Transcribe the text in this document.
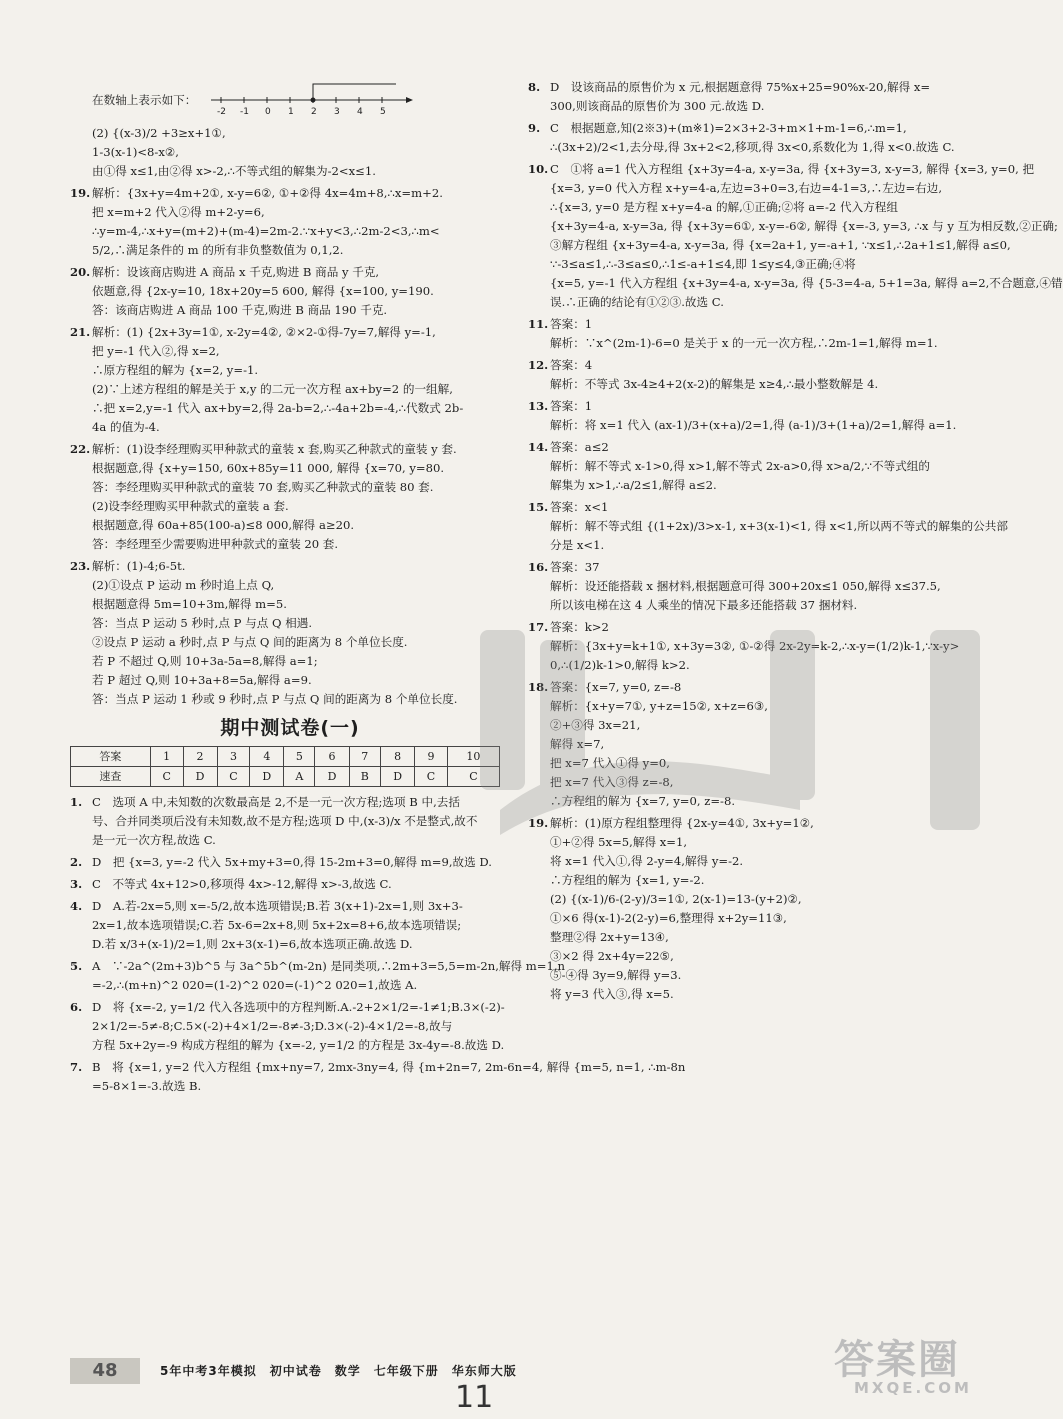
在数轴上表示如下：
-2 -1 0 1 2 3 4 5
(2) {(x-3)/2 +3≥x+1①,
1-3(x-1)<8-x②,
由①得 x≤1,由②得 x>-2,∴不等式组的解集为-2<x≤1.
19. 解析：{3x+y=4m+2①, x-y=6②, ①+②得 4x=4m+8,∴x=m+2.
把 x=m+2 代入②得 m+2-y=6,
∴y=m-4,∴x+y=(m+2)+(m-4)=2m-2.∵x+y<3,∴2m-2<3,∴m<
5/2,∴满足条件的 m 的所有非负整数值为 0,1,2.
20. 解析：设该商店购进 A 商品 x 千克,购进 B 商品 y 千克,
依题意,得 {2x-y=10, 18x+20y=5 600, 解得 {x=100, y=190.
答：该商店购进 A 商品 100 千克,购进 B 商品 190 千克.
21. 解析：(1) {2x+3y=1①, x-2y=4②, ②×2-①得-7y=7,解得 y=-1,
把 y=-1 代入②,得 x=2,
∴原方程组的解为 {x=2, y=-1.
(2)∵上述方程组的解是关于 x,y 的二元一次方程 ax+by=2 的一组解,
∴把 x=2,y=-1 代入 ax+by=2,得 2a-b=2,∴-4a+2b=-4,∴代数式 2b-
4a 的值为-4.
22. 解析：(1)设李经理购买甲种款式的童装 x 套,购买乙种款式的童装 y 套.
根据题意,得 {x+y=150, 60x+85y=11 000, 解得 {x=70, y=80.
答：李经理购买甲种款式的童装 70 套,购买乙种款式的童装 80 套.
(2)设李经理购买甲种款式的童装 a 套.
根据题意,得 60a+85(100-a)≤8 000,解得 a≥20.
答：李经理至少需要购进甲种款式的童装 20 套.
23. 解析：(1)-4;6-5t.
(2)①设点 P 运动 m 秒时追上点 Q,
根据题意得 5m=10+3m,解得 m=5.
答：当点 P 运动 5 秒时,点 P 与点 Q 相遇.
②设点 P 运动 a 秒时,点 P 与点 Q 间的距离为 8 个单位长度.
若 P 不超过 Q,则 10+3a-5a=8,解得 a=1;
若 P 超过 Q,则 10+3a+8=5a,解得 a=9.
答：当点 P 运动 1 秒或 9 秒时,点 P 与点 Q 间的距离为 8 个单位长度.
期中测试卷(一)
答案	1	2	3	4	5	6	7	8	9	10
速查	C	D	C	D	A	D	B	D	C	C
1. C　选项 A 中,未知数的次数最高是 2,不是一元一次方程;选项 B 中,去括
号、合并同类项后没有未知数,故不是方程;选项 D 中,(x-3)/x 不是整式,故不
是一元一次方程,故选 C.
2. D　把 {x=3, y=-2 代入 5x+my+3=0,得 15-2m+3=0,解得 m=9,故选 D.
3. C　不等式 4x+12>0,移项得 4x>-12,解得 x>-3,故选 C.
4. D　A.若-2x=5,则 x=-5/2,故本选项错误;B.若 3(x+1)-2x=1,则 3x+3-
2x=1,故本选项错误;C.若 5x-6=2x+8,则 5x+2x=8+6,故本选项错误;
D.若 x/3+(x-1)/2=1,则 2x+3(x-1)=6,故本选项正确.故选 D.
5. A　∵-2a^(2m+3)b^5 与 3a^5b^(m-2n) 是同类项,∴2m+3=5,5=m-2n,解得 m=1,n
=-2,∴(m+n)^2 020=(1-2)^2 020=(-1)^2 020=1,故选 A.
6. D　将 {x=-2, y=1/2 代入各选项中的方程判断.A.-2+2×1/2=-1≠1;B.3×(-2)-
2×1/2=-5≠-8;C.5×(-2)+4×1/2=-8≠-3;D.3×(-2)-4×1/2=-8,故与
方程 5x+2y=-9 构成方程组的解为 {x=-2, y=1/2 的方程是 3x-4y=-8.故选 D.
7. B　将 {x=1, y=2 代入方程组 {mx+ny=7, 2mx-3ny=4, 得 {m+2n=7, 2m-6n=4, 解得 {m=5, n=1, ∴m-8n
=5-8×1=-3.故选 B.
8. D　设该商品的原售价为 x 元,根据题意得 75%x+25=90%x-20,解得 x=
300,则该商品的原售价为 300 元.故选 D.
9. C　根据题意,知(2※3)+(m※1)=2×3+2-3+m×1+m-1=6,∴m=1,
∴(3x+2)/2<1,去分母,得 3x+2<2,移项,得 3x<0,系数化为 1,得 x<0.故选 C.
10. C　①将 a=1 代入方程组 {x+3y=4-a, x-y=3a, 得 {x+3y=3, x-y=3, 解得 {x=3, y=0, 把
{x=3, y=0 代入方程 x+y=4-a,左边=3+0=3,右边=4-1=3,∴左边=右边,
∴{x=3, y=0 是方程 x+y=4-a 的解,①正确;②将 a=-2 代入方程组
{x+3y=4-a, x-y=3a, 得 {x+3y=6①, x-y=-6②, 解得 {x=-3, y=3, ∴x 与 y 互为相反数,②正确;
③解方程组 {x+3y=4-a, x-y=3a, 得 {x=2a+1, y=-a+1, ∵x≤1,∴2a+1≤1,解得 a≤0,
∵-3≤a≤1,∴-3≤a≤0,∴1≤-a+1≤4,即 1≤y≤4,③正确;④将
{x=5, y=-1 代入方程组 {x+3y=4-a, x-y=3a, 得 {5-3=4-a, 5+1=3a, 解得 a=2,不合题意,④错
误.∴正确的结论有①②③.故选 C.
11. 答案：1
解析：∵x^(2m-1)-6=0 是关于 x 的一元一次方程,∴2m-1=1,解得 m=1.
12. 答案：4
解析：不等式 3x-4≥4+2(x-2)的解集是 x≥4,∴最小整数解是 4.
13. 答案：1
解析：将 x=1 代入 (ax-1)/3+(x+a)/2=1,得 (a-1)/3+(1+a)/2=1,解得 a=1.
14. 答案：a≤2
解析：解不等式 x-1>0,得 x>1,解不等式 2x-a>0,得 x>a/2,∵不等式组的
解集为 x>1,∴a/2≤1,解得 a≤2.
15. 答案：x<1
解析：解不等式组 {(1+2x)/3>x-1, x+3(x-1)<1, 得 x<1,所以两不等式的解集的公共部
分是 x<1.
16. 答案：37
解析：设还能搭载 x 捆材料,根据题意可得 300+20x≤1 050,解得 x≤37.5,
所以该电梯在这 4 人乘坐的情况下最多还能搭载 37 捆材料.
17. 答案：k>2
解析：{3x+y=k+1①, x+3y=3②, ①-②得 2x-2y=k-2,∴x-y=(1/2)k-1,∵x-y>
0,∴(1/2)k-1>0,解得 k>2.
18. 答案：{x=7, y=0, z=-8
解析：{x+y=7①, y+z=15②, x+z=6③,
②+③得 3x=21,
解得 x=7,
把 x=7 代入①得 y=0,
把 x=7 代入③得 z=-8,
∴方程组的解为 {x=7, y=0, z=-8.
19. 解析：(1)原方程组整理得 {2x-y=4①, 3x+y=1②,
①+②得 5x=5,解得 x=1,
将 x=1 代入①,得 2-y=4,解得 y=-2.
∴方程组的解为 {x=1, y=-2.
(2) {(x-1)/6-(2-y)/3=1①, 2(x-1)=13-(y+2)②,
①×6 得(x-1)-2(2-y)=6,整理得 x+2y=11③,
整理②得 2x+y=13④,
③×2 得 2x+4y=22⑤,
⑤-④得 3y=9,解得 y=3.
将 y=3 代入③,得 x=5.
48	5年中考3年模拟　初中试卷　数学　七年级下册　华东师大版
11
答案圈
MXQE.COM
